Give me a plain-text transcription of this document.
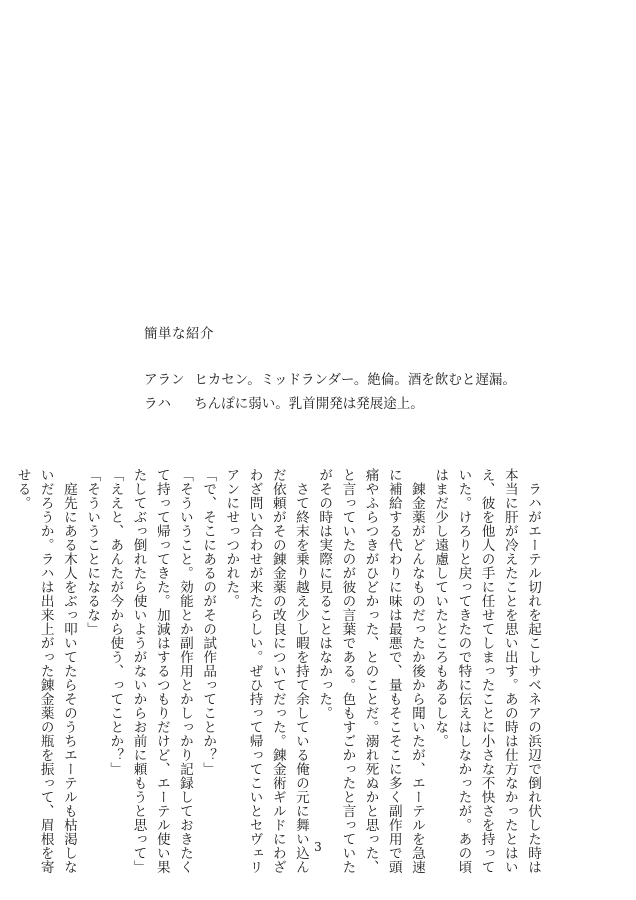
簡単な紹介
アラン ヒカセン。ミッドランダー。絶倫。酒を飲むと遅漏。
ラハ ちんぽに弱い。乳首開発は発展途上。
　ラハがエーテル切れを起こしサベネアの浜辺で倒れ伏した時は
本当に肝が冷えたことを思い出す。あの時は仕方なかったとはい
え、彼を他人の手に任せてしまったことに小さな不快さを持って
いた。けろりと戻ってきたので特に伝えはしなかったが。あの頃
はまだ少し遠慮していたところもあるしな。
　錬金薬がどんなものだったか後から聞いたが、エーテルを急速
に補給する代わりに味は最悪で、量もそこそこに多く副作用で頭
痛やふらつきがひどかった、とのことだ。溺れ死ぬかと思った、
と言っていたのが彼の言葉である。色もすごかったと言っていた
がその時は実際に見ることはなかった。
　さて終末を乗り越え少し暇を持て余している俺の元に舞い込ん
だ依頼がその錬金薬の改良についてだった。錬金術ギルドにわざ
わざ問い合わせが来たらしい。ぜひ持って帰ってこいとセヴェリ
アンにせっつかれた。
「で、そこにあるのがその試作品ってことか？」
「そういうこと。効能とか副作用とかしっかり記録しておきたく
て持って帰ってきた。加減はするつもりだけど、エーテル使い果
たしてぶっ倒れたら使いようがないからお前に頼もうと思って」
「ええと、あんたが今から使う、ってことか？」
「そういうことになるな」
　庭先にある木人をぶっ叩いてたらそのうちエーテルも枯渇しな
いだろうか。ラハは出来上がった錬金薬の瓶を振って、眉根を寄
せる。
3
